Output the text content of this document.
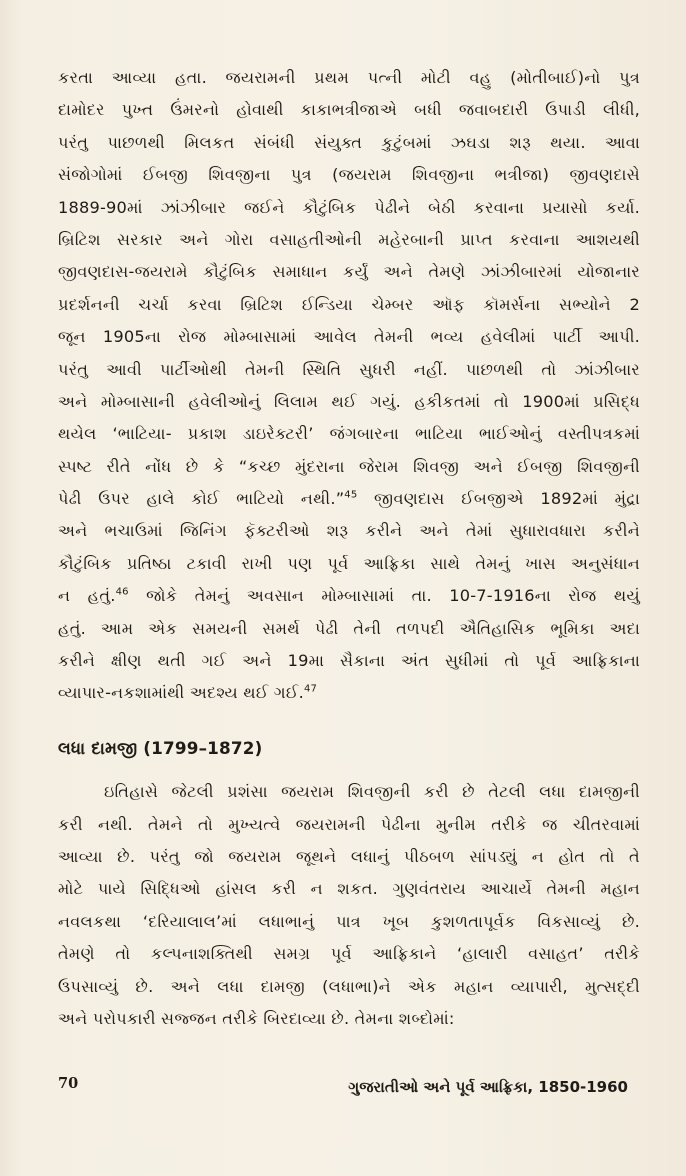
કરતા આવ્યા હતા. જયરામની પ્રથમ પત્ની મોટી વહુ (મોતીબાઈ)નો પુત્ર
દામોદર પુખ્ત ઉંમરનો હોવાથી કાકાભત્રીજાએ બધી જવાબદારી ઉપાડી લીધી,
પરંતુ પાછળથી મિલકત સંબંધી સંયુક્ત કુટુંબમાં ઝઘડા શરૂ થયા. આવા
સંજોગોમાં ઈબજી શિવજીના પુત્ર (જયરામ શિવજીના ભત્રીજા) જીવણદાસે
1889-90માં ઝાંઝીબાર જઈને કૌટુંબિક પેઢીને બેઠી કરવાના પ્રયાસો કર્યા.
બ્રિટિશ સરકાર અને ગોરા વસાહતીઓની મહેરબાની પ્રાપ્ત કરવાના આશયથી
જીવણદાસ-જયરામે કૌટુંબિક સમાધાન કર્યું અને તેમણે ઝાંઝીબારમાં યોજાનાર
પ્રદર્શનની ચર્ચા કરવા બ્રિટિશ ઈન્ડિયા ચેમ્બર ઑફ કૉમર્સના સભ્યોને 2
જૂન 1905ના રોજ મોમ્બાસામાં આવેલ તેમની ભવ્ય હવેલીમાં પાર્ટી આપી.
પરંતુ આવી પાર્ટીઓથી તેમની સ્થિતિ સુધરી નહીં. પાછળથી તો ઝાંઝીબાર
અને મોમ્બાસાની હવેલીઓનું લિલામ થઈ ગયું. હકીકતમાં તો 1900માં પ્રસિદ્ધ
થયેલ ‘ભાટિયા- પ્રકાશ ડાઇરેક્ટરી’ જંગબારના ભાટિયા ભાઈઓનું વસ્તીપત્રકમાં
સ્પષ્ટ રીતે નોંધ છે કે “કચ્છ મુંદરાના જેરામ શિવજી અને ઈબજી શિવજીની
પેઢી ઉપર હાલે કોઈ ભાટિયો નથી.”$^{45}$ જીવણદાસ ઈબજીએ 1892માં મુંદ્રા
અને ભચાઉમાં જિનિંગ ફૅક્ટરીઓ શરૂ કરીને અને તેમાં સુધારાવધારા કરીને
કૌટુંબિક પ્રતિષ્ઠા ટકાવી રાખી પણ પૂર્વ આફ્રિકા સાથે તેમનું ખાસ અનુસંધાન
ન હતું.$^{46}$ જોકે તેમનું અવસાન મોમ્બાસામાં તા. 10-7-1916ના રોજ થયું
હતું. આમ એક સમયની સમર્થ પેઢી તેની તળપદી ઐતિહાસિક ભૂમિકા અદા
કરીને ક્ષીણ થતી ગઈ અને 19મા સૈકાના અંત સુધીમાં તો પૂર્વ આફ્રિકાના
વ્યાપાર-નકશામાંથી અદશ્ય થઈ ગઈ.$^{47}$
લધા દામજી (1799–1872)
ઇતિહાસે જેટલી પ્રશંસા જયરામ શિવજીની કરી છે તેટલી લધા દામજીની
કરી નથી. તેમને તો મુખ્યત્વે જયરામની પેઢીના મુનીમ તરીકે જ ચીતરવામાં
આવ્યા છે. પરંતુ જો જયરામ જૂથને લધાનું પીઠબળ સાંપડ્યું ન હોત તો તે
મોટે પાયે સિદ્ધિઓ હાંસલ કરી ન શકત. ગુણવંતરાય આચાર્યે તેમની મહાન
નવલકથા ‘દરિયાલાલ’માં લધાભાનું પાત્ર ખૂબ કુશળતાપૂર્વક વિકસાવ્યું છે.
તેમણે તો કલ્પનાશક્તિથી સમગ્ર પૂર્વ આફ્રિકાને ‘હાલારી વસાહત’ તરીકે
ઉપસાવ્યું છે. અને લધા દામજી (લધાભા)ને એક મહાન વ્યાપારી, મુત્સદ્દી
અને પરોપકારી સજ્જન તરીકે બિરદાવ્યા છે. તેમના શબ્દોમાં:
70	ગુજરાતીઓ અને પૂર્વ આફ્રિકા, 1850-1960
